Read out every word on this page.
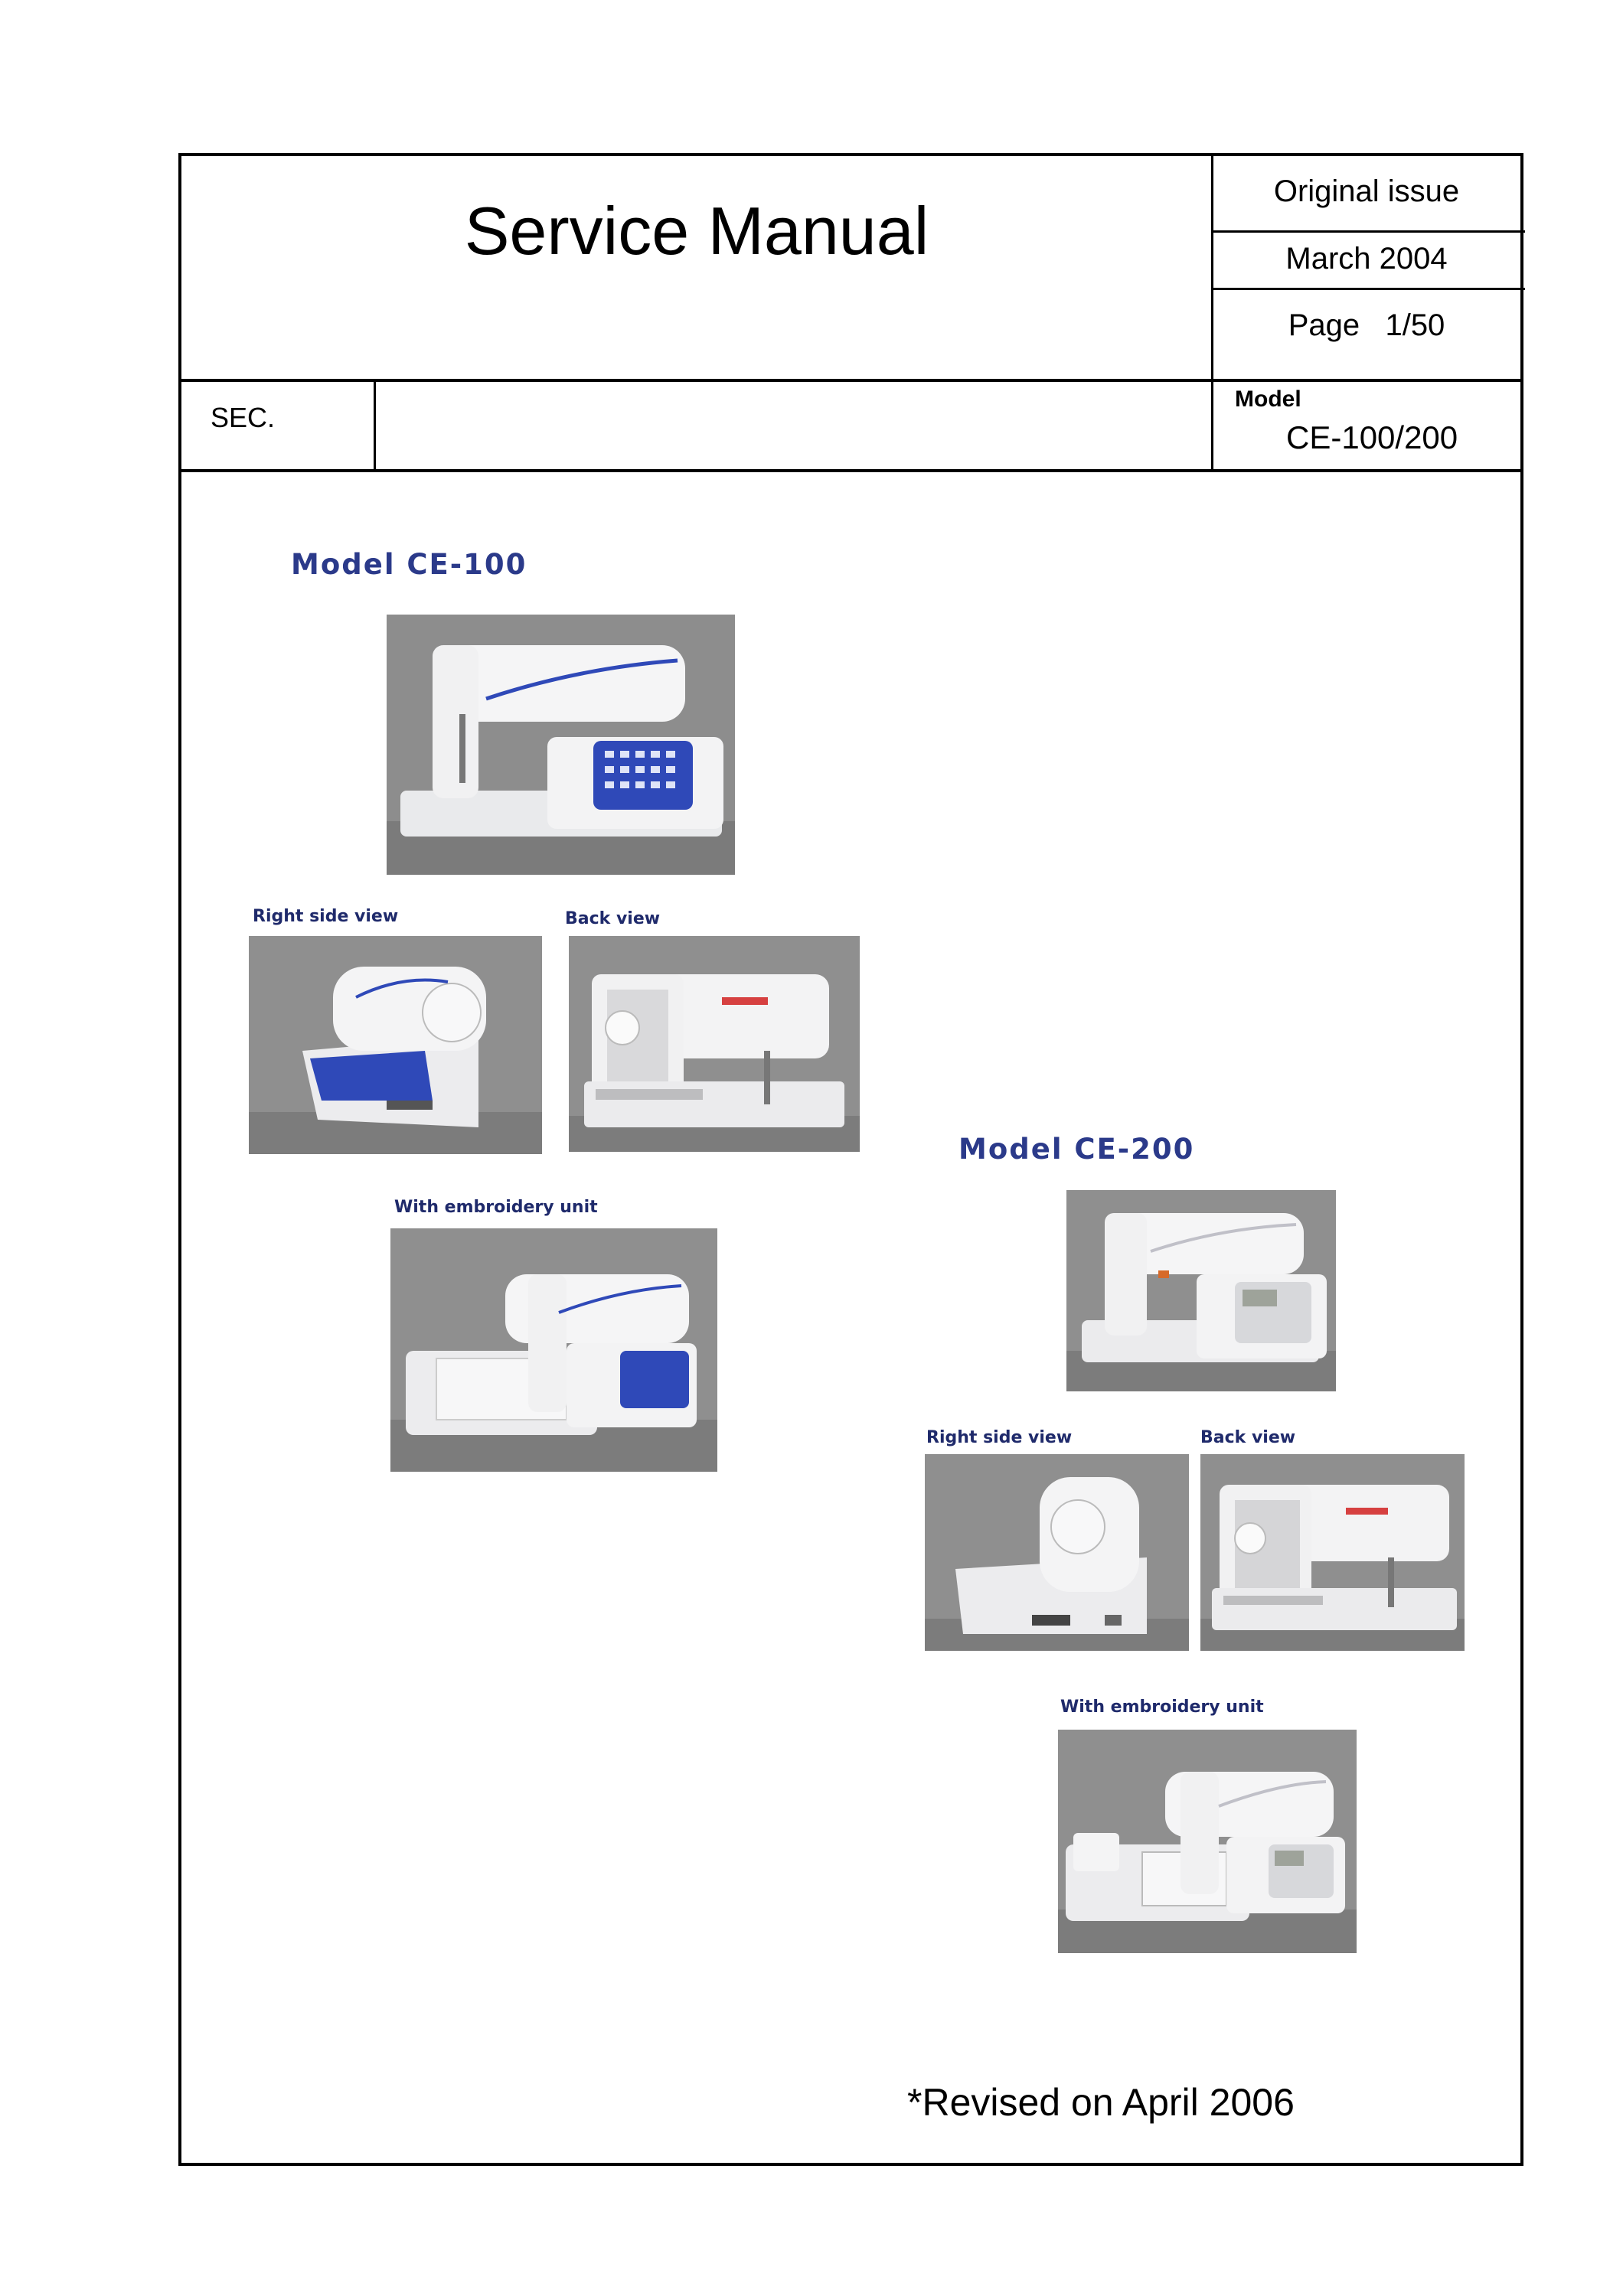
Service Manual
Original issue
March 2004
Page 1/50
SEC.
Model
CE-100/200
Model CE-100
Right side view	Back view
With embroidery unit
Model CE-200
Right side view	Back view
With embroidery unit
*Revised on April 2006
